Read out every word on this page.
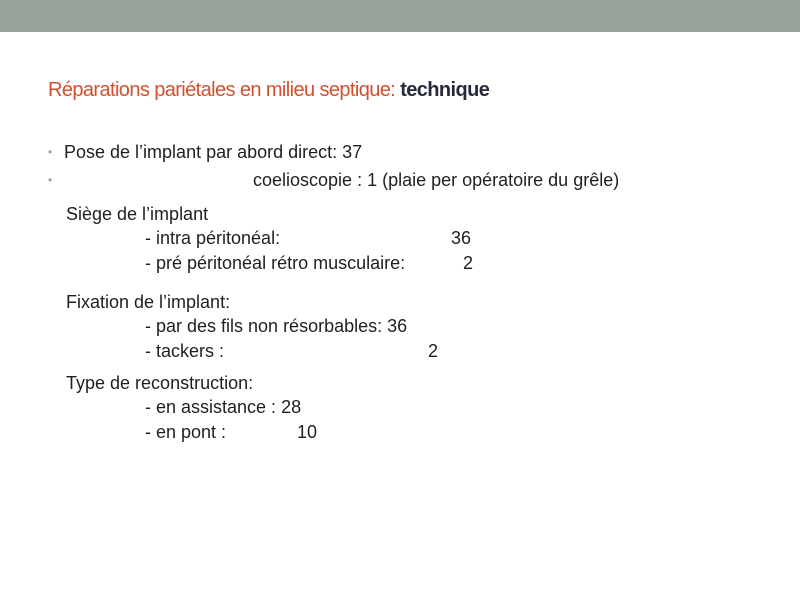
Réparations pariétales en milieu septique: technique
• Pose de l’implant par abord direct: 37
•	coelioscopie : 1 (plaie per opératoire du grêle)
Siège de l’implant
- intra péritonéal:	36
- pré péritonéal rétro musculaire:	2
Fixation de l’implant:
- par des fils non résorbables: 36
- tackers :	2
Type de reconstruction:
- en assistance : 28
- en pont :	10
